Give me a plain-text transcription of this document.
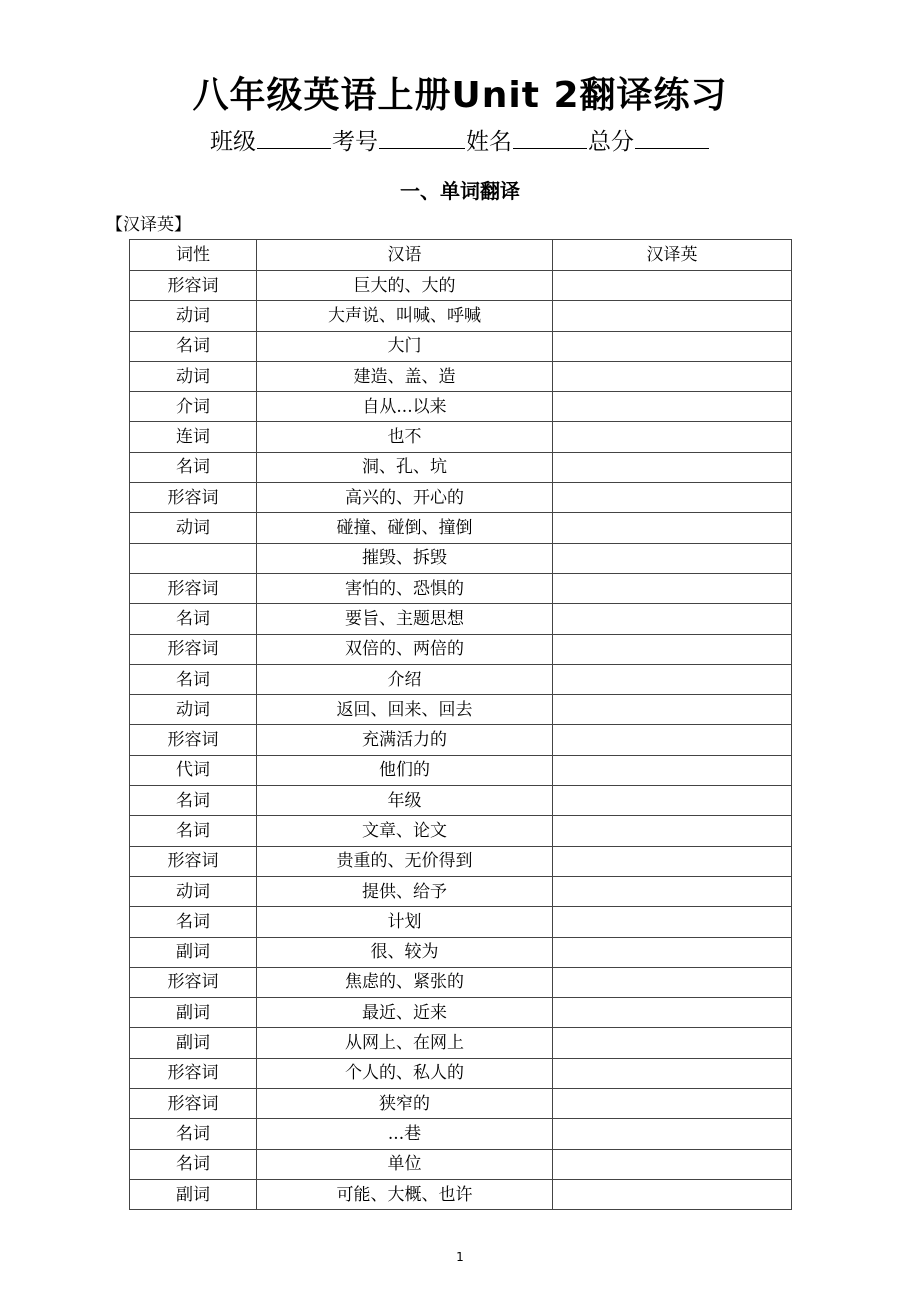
八年级英语上册Unit 2翻译练习
班级	考号	姓名	总分
一、单词翻译
【汉译英】
词性	汉语	汉译英
形容词	巨大的、大的	
动词	大声说、叫喊、呼喊	
名词	大门	
动词	建造、盖、造	
介词	自从...以来	
连词	也不	
名词	洞、孔、坑	
形容词	高兴的、开心的	
动词	碰撞、碰倒、撞倒	
	摧毁、拆毁	
形容词	害怕的、恐惧的	
名词	要旨、主题思想	
形容词	双倍的、两倍的	
名词	介绍	
动词	返回、回来、回去	
形容词	充满活力的	
代词	他们的	
名词	年级	
名词	文章、论文	
形容词	贵重的、无价得到	
动词	提供、给予	
名词	计划	
副词	很、较为	
形容词	焦虑的、紧张的	
副词	最近、近来	
副词	从网上、在网上	
形容词	个人的、私人的	
形容词	狭窄的	
名词	...巷	
名词	单位	
副词	可能、大概、也许	
1
